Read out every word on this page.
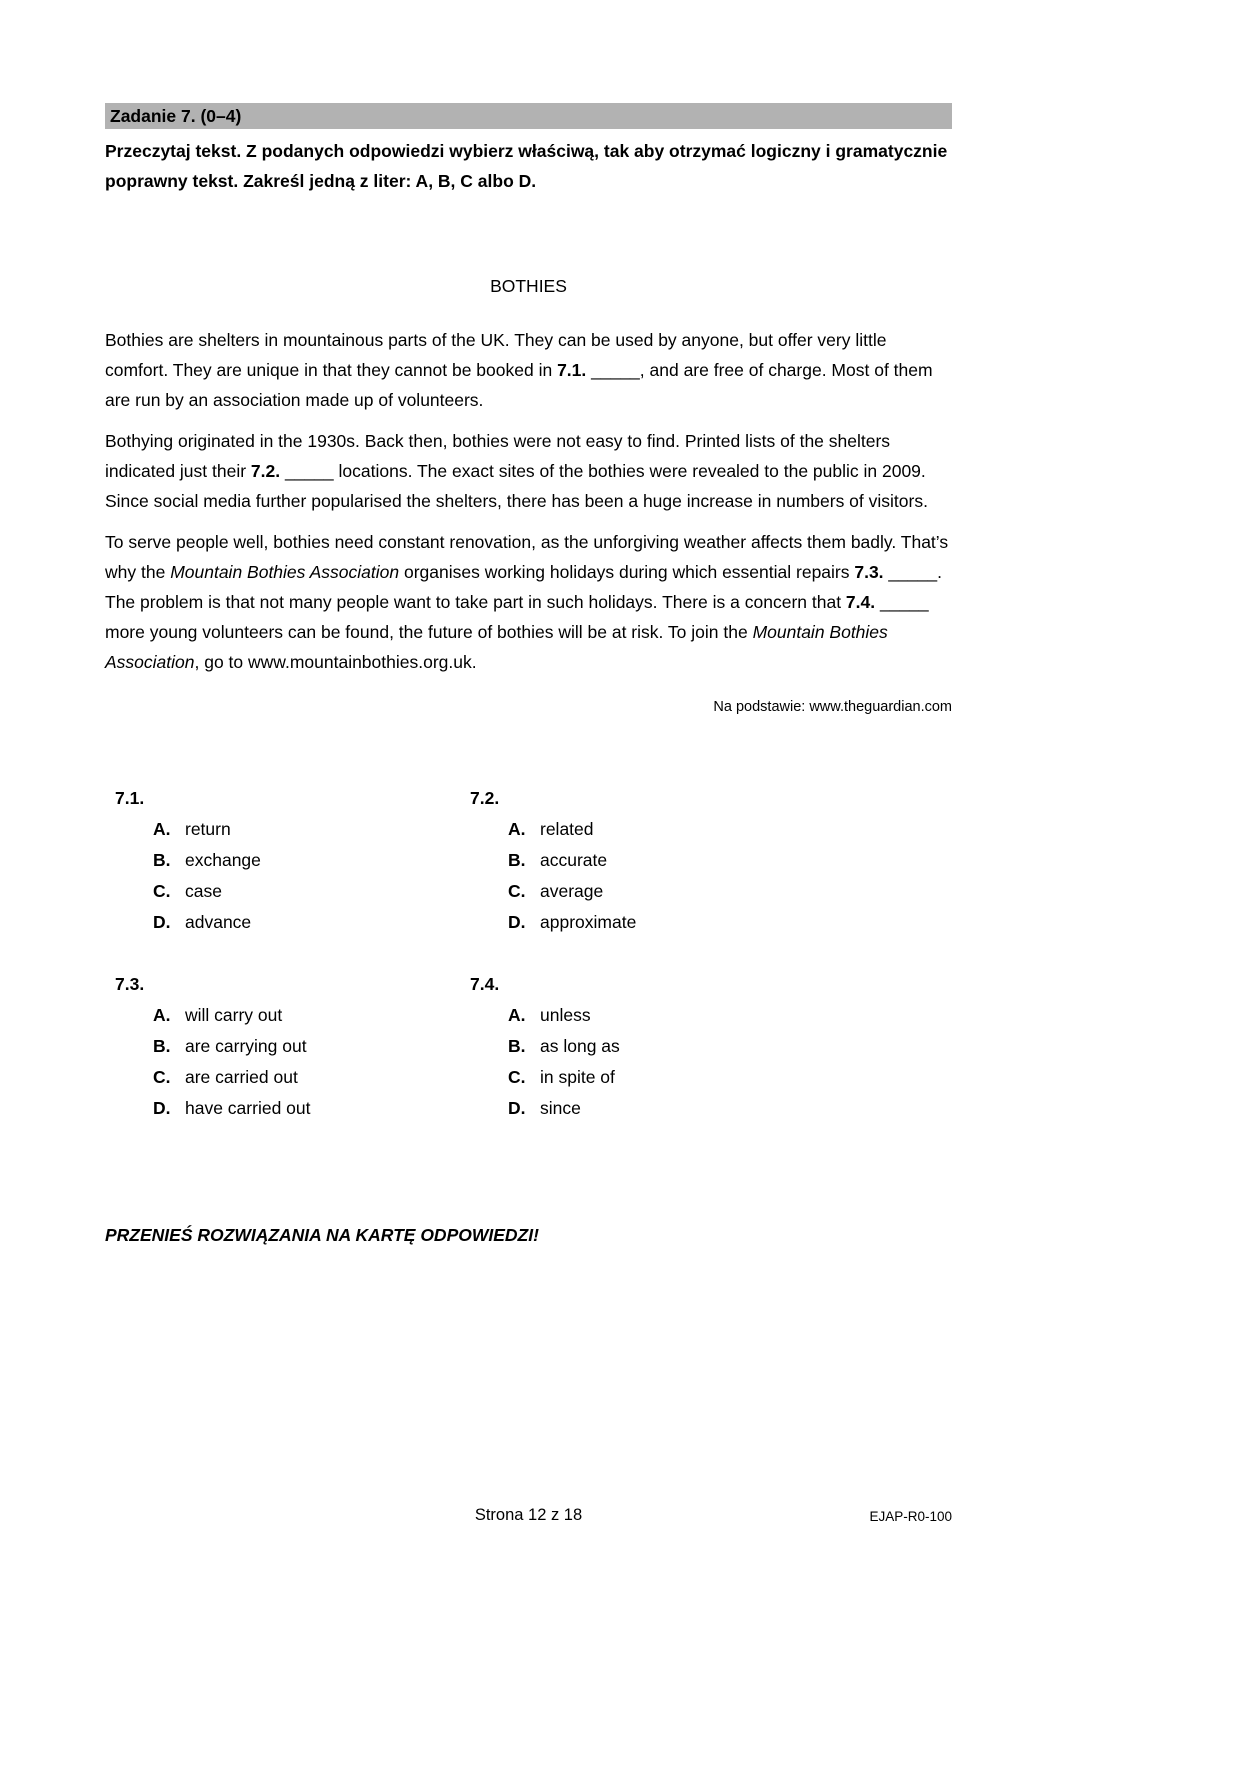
Zadanie 7. (0–4)

Przeczytaj tekst. Z podanych odpowiedzi wybierz właściwą, tak aby otrzymać logiczny i gramatycznie poprawny tekst. Zakreśl jedną z liter: A, B, C albo D.

BOTHIES

Bothies are shelters in mountainous parts of the UK. They can be used by anyone, but offer very little comfort. They are unique in that they cannot be booked in 7.1. _____, and are free of charge. Most of them are run by an association made up of volunteers.

Bothying originated in the 1930s. Back then, bothies were not easy to find. Printed lists of the shelters indicated just their 7.2. _____ locations. The exact sites of the bothies were revealed to the public in 2009. Since social media further popularised the shelters, there has been a huge increase in numbers of visitors.

To serve people well, bothies need constant renovation, as the unforgiving weather affects them badly. That’s why the Mountain Bothies Association organises working holidays during which essential repairs 7.3. _____. The problem is that not many people want to take part in such holidays. There is a concern that 7.4. _____ more young volunteers can be found, the future of bothies will be at risk. To join the Mountain Bothies Association, go to www.mountainbothies.org.uk.

Na podstawie: www.theguardian.com
7.1.
A. return
B. exchange
C. case
D. advance
7.2.
A. related
B. accurate
C. average
D. approximate
7.3.
A. will carry out
B. are carrying out
C. are carried out
D. have carried out
7.4.
A. unless
B. as long as
C. in spite of
D. since
PRZENIEŚ ROZWIĄZANIA NA KARTĘ ODPOWIEDZI!
Strona 12 z 18	EJAP-R0-100
